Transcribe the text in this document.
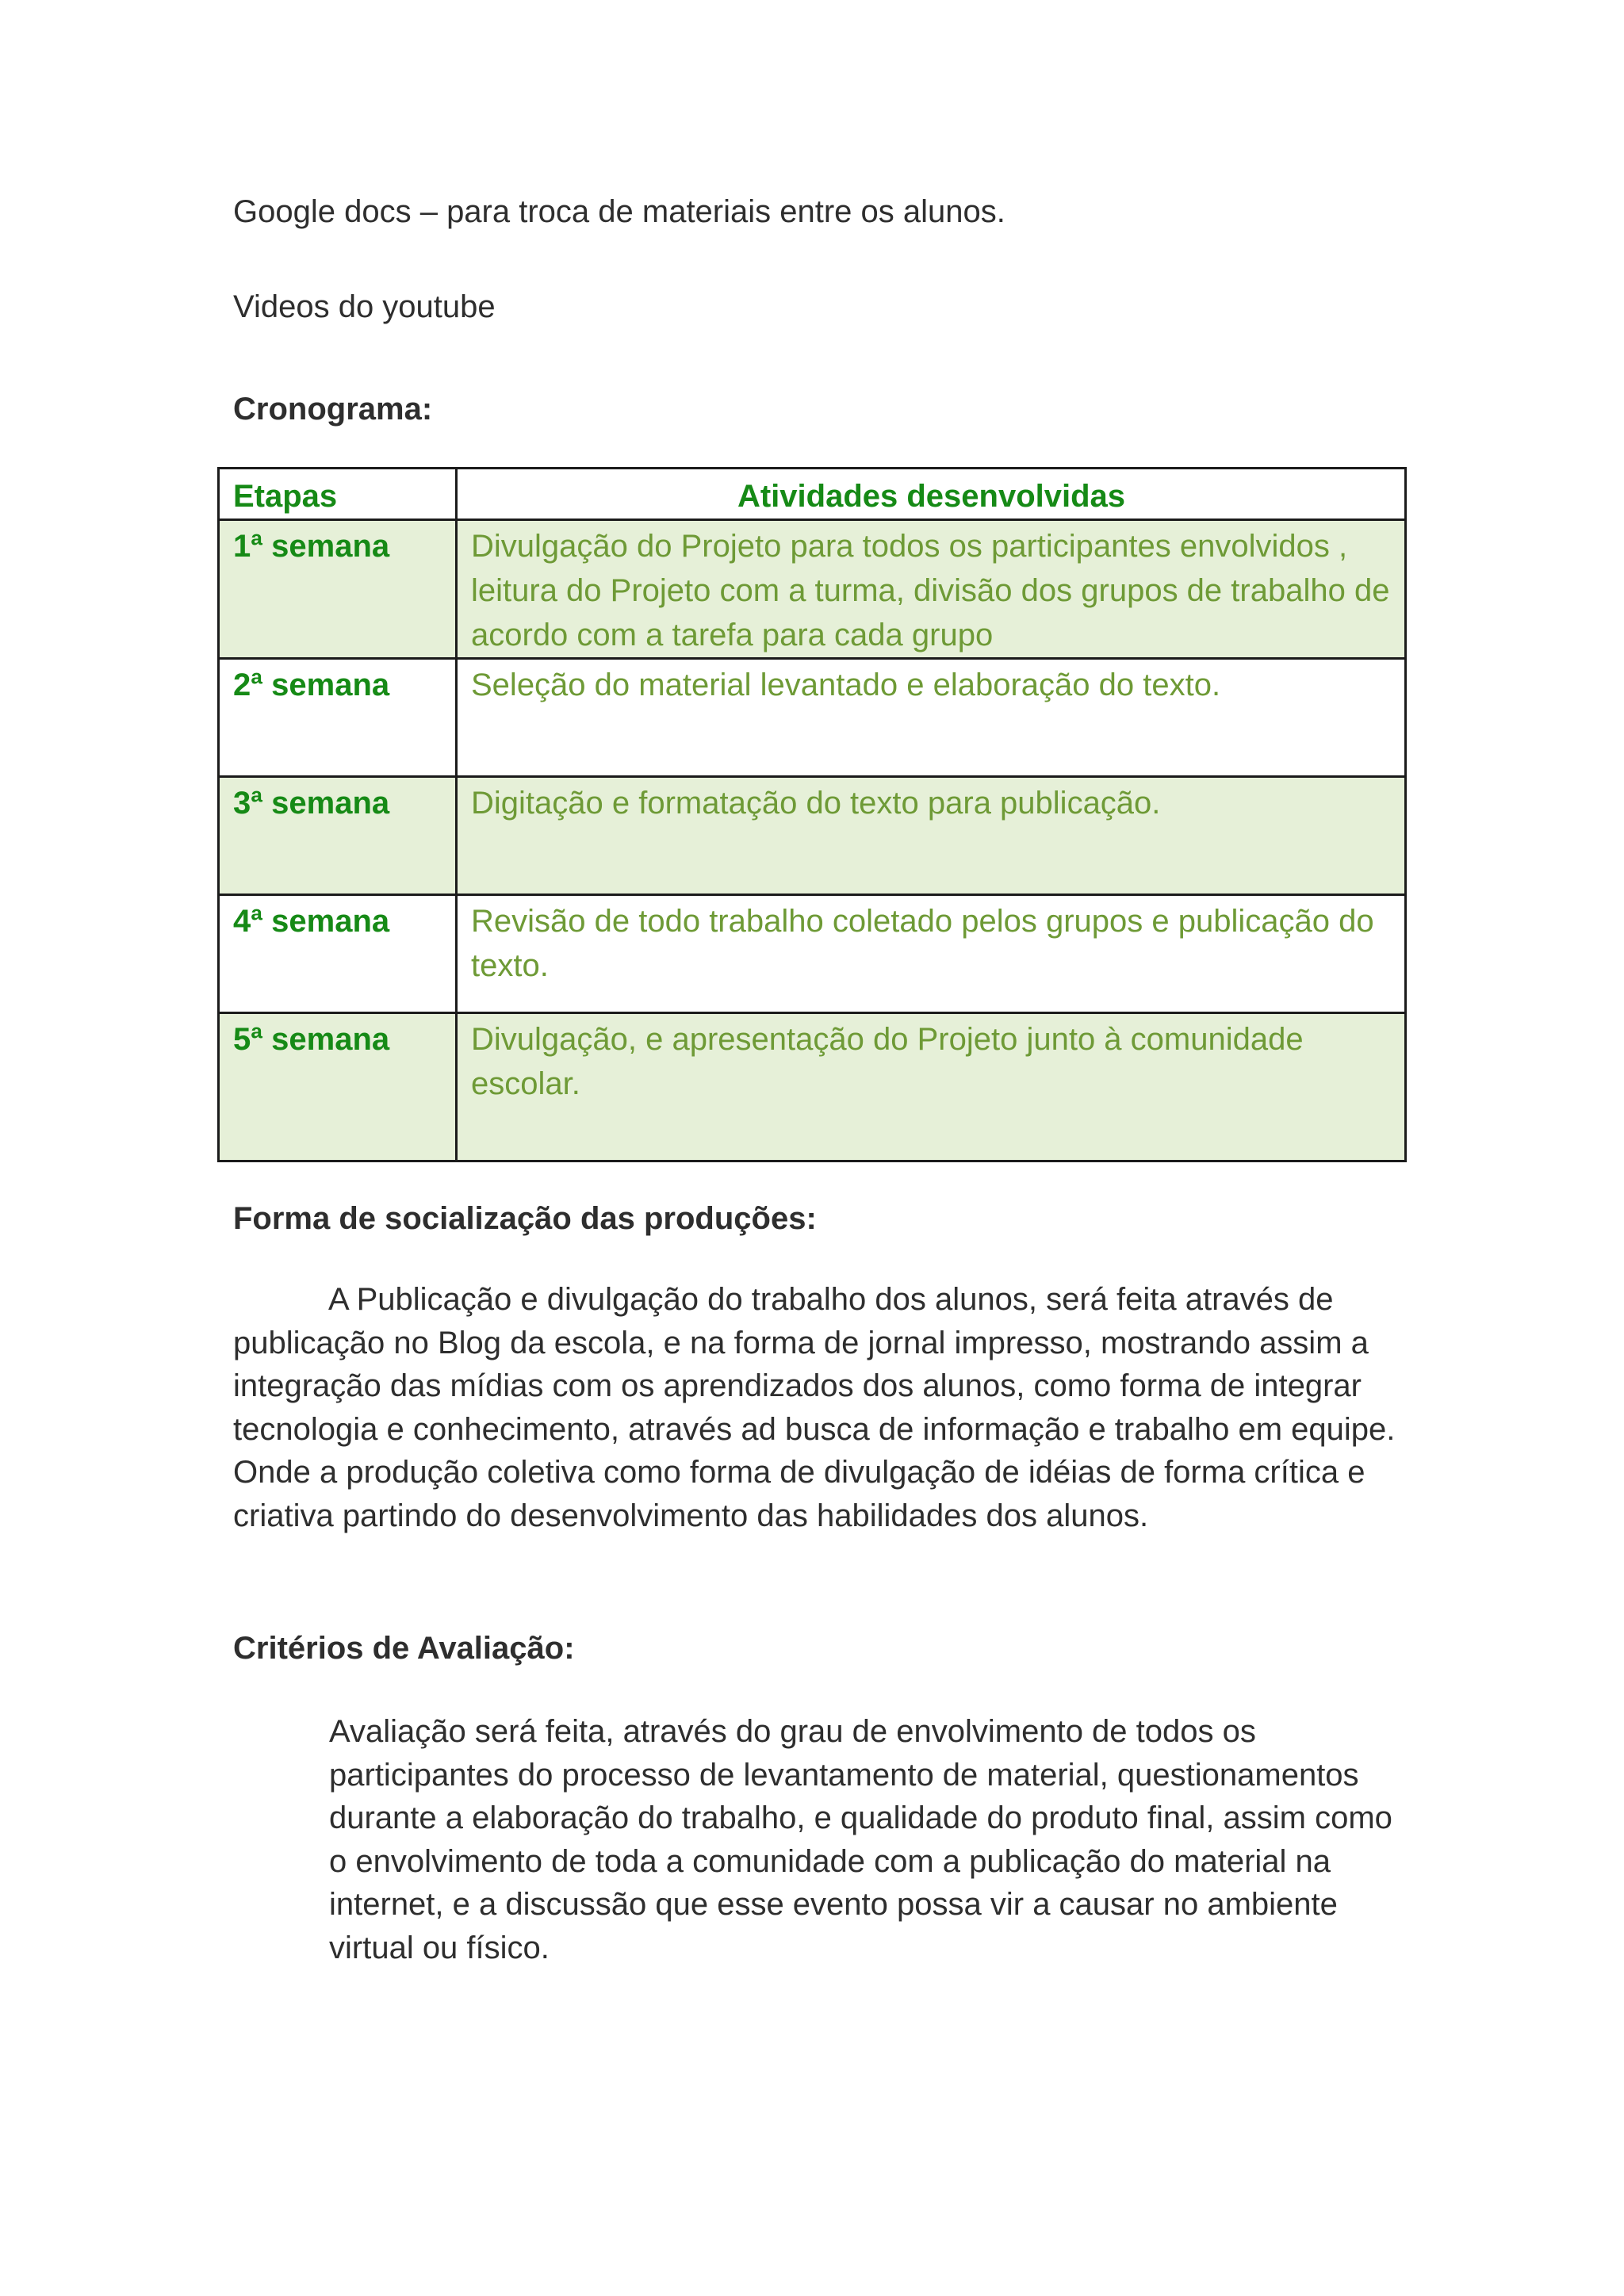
Google docs – para troca de materiais entre os alunos.

Videos do youtube

Cronograma:

Etapas	Atividades desenvolvidas
1ª semana	Divulgação do Projeto para todos os participantes envolvidos , leitura do Projeto com a turma, divisão dos grupos de trabalho de acordo com a tarefa para cada grupo
2ª semana	Seleção do material levantado e elaboração do texto.
3ª semana	Digitação e formatação do texto para publicação.
4ª semana	Revisão de todo trabalho coletado pelos grupos e publicação do texto.
5ª semana	Divulgação, e apresentação do Projeto junto à comunidade escolar.

Forma de socialização das produções:

A Publicação e divulgação do trabalho dos alunos, será feita através de publicação no Blog da escola, e na forma de jornal impresso, mostrando assim a integração das mídias com os aprendizados dos alunos, como forma de integrar tecnologia e conhecimento, através ad busca de informação e trabalho em equipe. Onde a produção coletiva como forma de divulgação de idéias de forma crítica e criativa partindo do desenvolvimento das habilidades dos alunos.

Critérios de Avaliação:

Avaliação será feita, através do grau de envolvimento de todos os participantes do processo de levantamento de material, questionamentos durante a elaboração do trabalho, e qualidade do produto final, assim como o envolvimento de toda a comunidade com a publicação do material na internet, e a discussão que esse evento possa vir a causar no ambiente virtual ou físico.
